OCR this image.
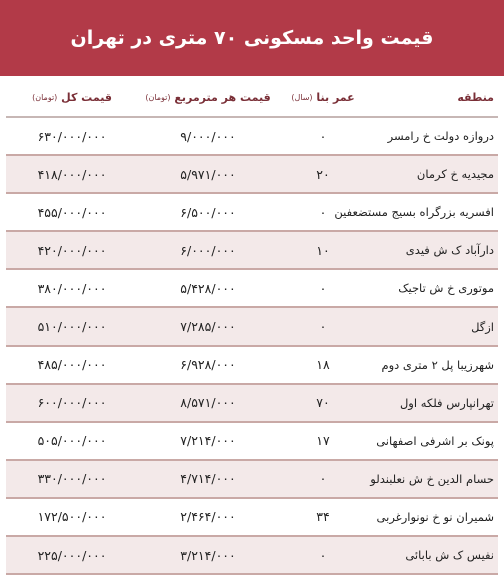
قیمت واحد مسکونی ۷۰ متری در تهران
منطقه
عمر بنا

(سال)
قیمت هر مترمربع

(تومان)
قیمت کل

(تومان)
دروازه دولت خ رامسر
۰
۹/۰۰۰/۰۰۰
۶۳۰/۰۰۰/۰۰۰
مجیدیه خ کرمان
۲۰
۵/۹۷۱/۰۰۰
۴۱۸/۰۰۰/۰۰۰
افسریه بزرگراه بسیج مستضعفین
۰
۶/۵۰۰/۰۰۰
۴۵۵/۰۰۰/۰۰۰
دارآباد ک ش فیدی
۱۰
۶/۰۰۰/۰۰۰
۴۲۰/۰۰۰/۰۰۰
موتوری خ ش تاجیک
۰
۵/۴۲۸/۰۰۰
۳۸۰/۰۰۰/۰۰۰
ازگل
۰
۷/۲۸۵/۰۰۰
۵۱۰/۰۰۰/۰۰۰
شهرزیبا پل ۲ متری دوم
۱۸
۶/۹۲۸/۰۰۰
۴۸۵/۰۰۰/۰۰۰
تهرانپارس فلکه اول
۷۰
۸/۵۷۱/۰۰۰
۶۰۰/۰۰۰/۰۰۰
پونک بر اشرفی اصفهانی
۱۷
۷/۲۱۴/۰۰۰
۵۰۵/۰۰۰/۰۰۰
حسام الدین خ ش نعلبندلو
۰
۴/۷۱۴/۰۰۰
۳۳۰/۰۰۰/۰۰۰
شمیران نو خ نونوارغربی
۳۴
۲/۴۶۴/۰۰۰
۱۷۲/۵۰۰/۰۰۰
نفیس ک ش بابائی
۰
۳/۲۱۴/۰۰۰
۲۲۵/۰۰۰/۰۰۰
